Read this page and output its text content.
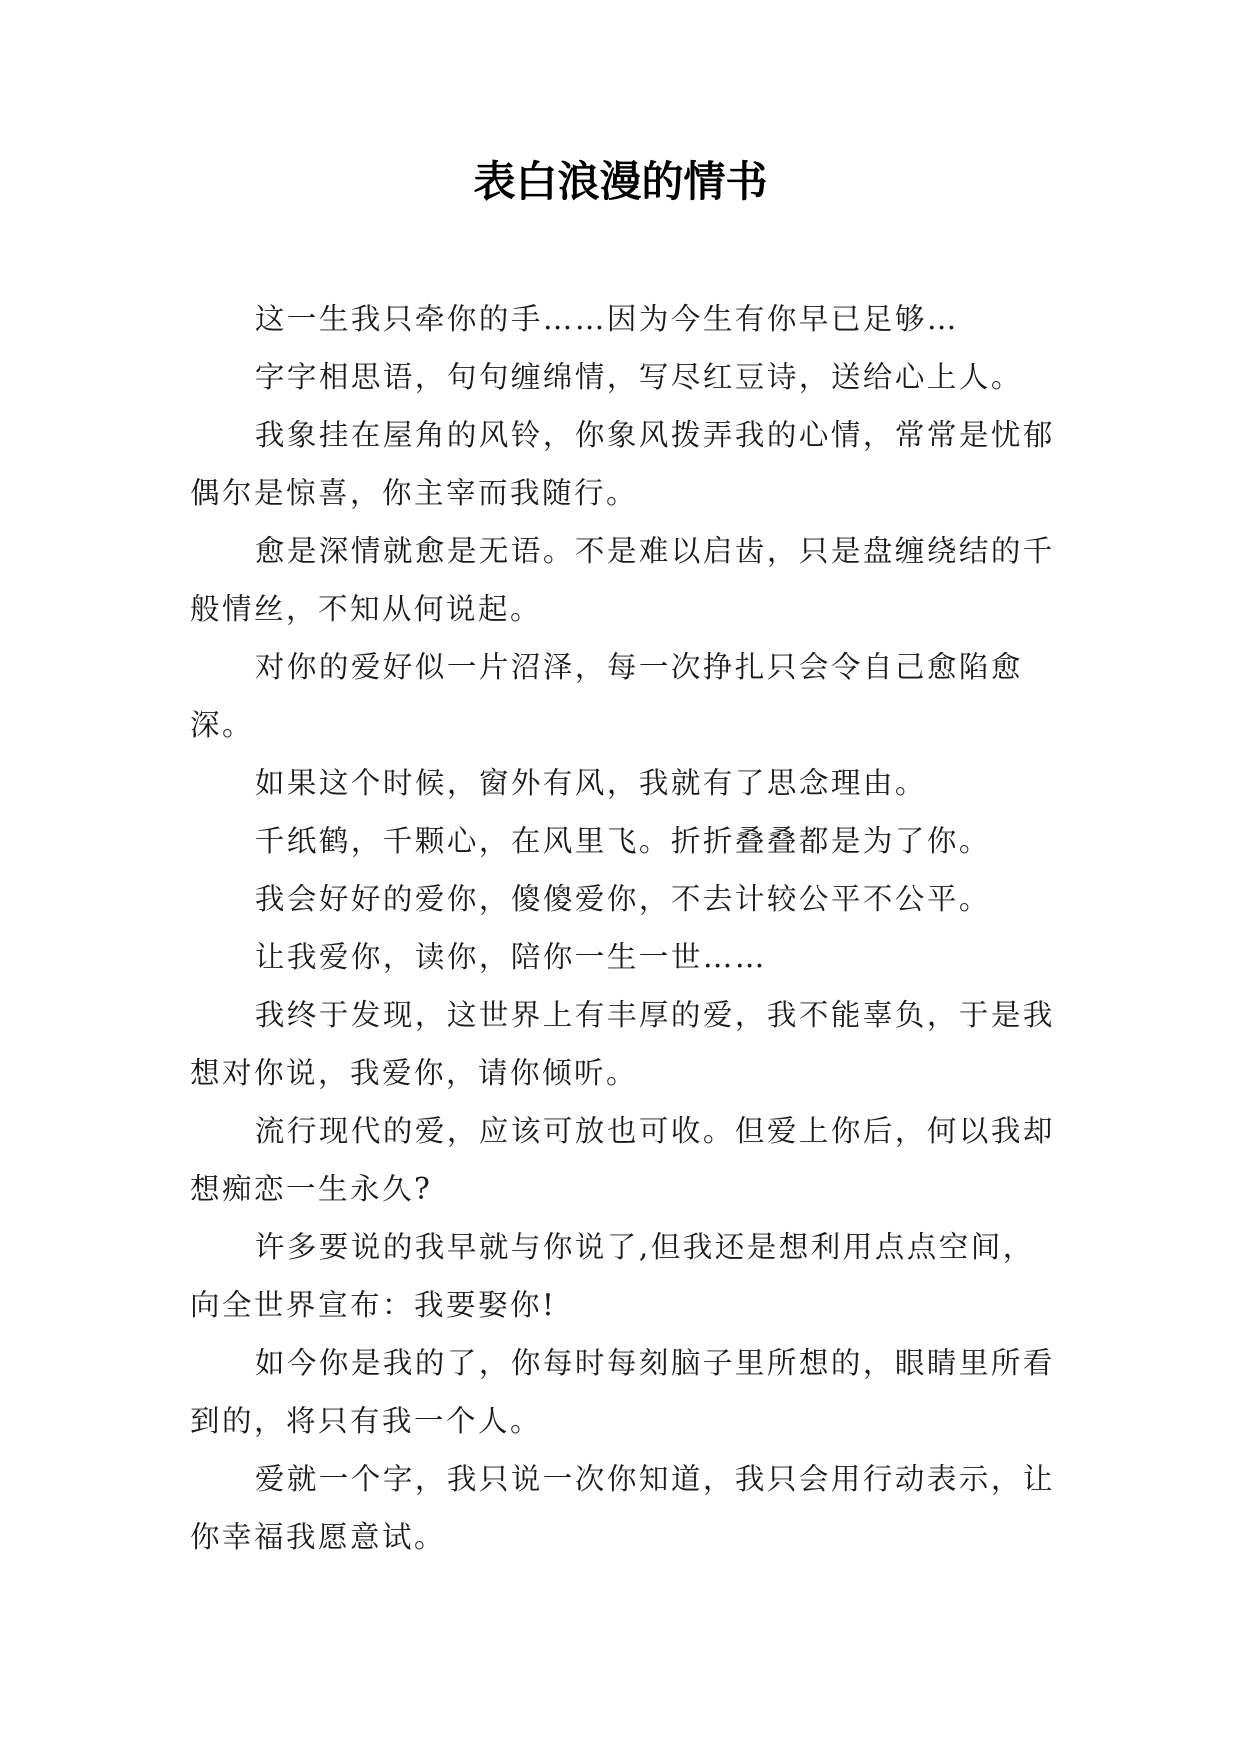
表白浪漫的情书

这一生我只牵你的手……因为今生有你早已足够…

字字相思语，句句缠绵情，写尽红豆诗，送给心上人。

我象挂在屋角的风铃，你象风拨弄我的心情，常常是忧郁偶尔是惊喜，你主宰而我随行。

愈是深情就愈是无语。不是难以启齿，只是盘缠绕结的千般情丝，不知从何说起。

对你的爱好似一片沼泽，每一次挣扎只会令自己愈陷愈深。

如果这个时候，窗外有风，我就有了思念理由。

千纸鹤，千颗心，在风里飞。折折叠叠都是为了你。

我会好好的爱你，傻傻爱你，不去计较公平不公平。

让我爱你，读你，陪你一生一世……

我终于发现，这世界上有丰厚的爱，我不能辜负，于是我想对你说，我爱你，请你倾听。

流行现代的爱，应该可放也可收。但爱上你后，何以我却想痴恋一生永久?

许多要说的我早就与你说了,但我还是想利用点点空间，向全世界宣布：我要娶你!

如今你是我的了，你每时每刻脑子里所想的，眼睛里所看到的，将只有我一个人。

爱就一个字，我只说一次你知道，我只会用行动表示，让你幸福我愿意试。
